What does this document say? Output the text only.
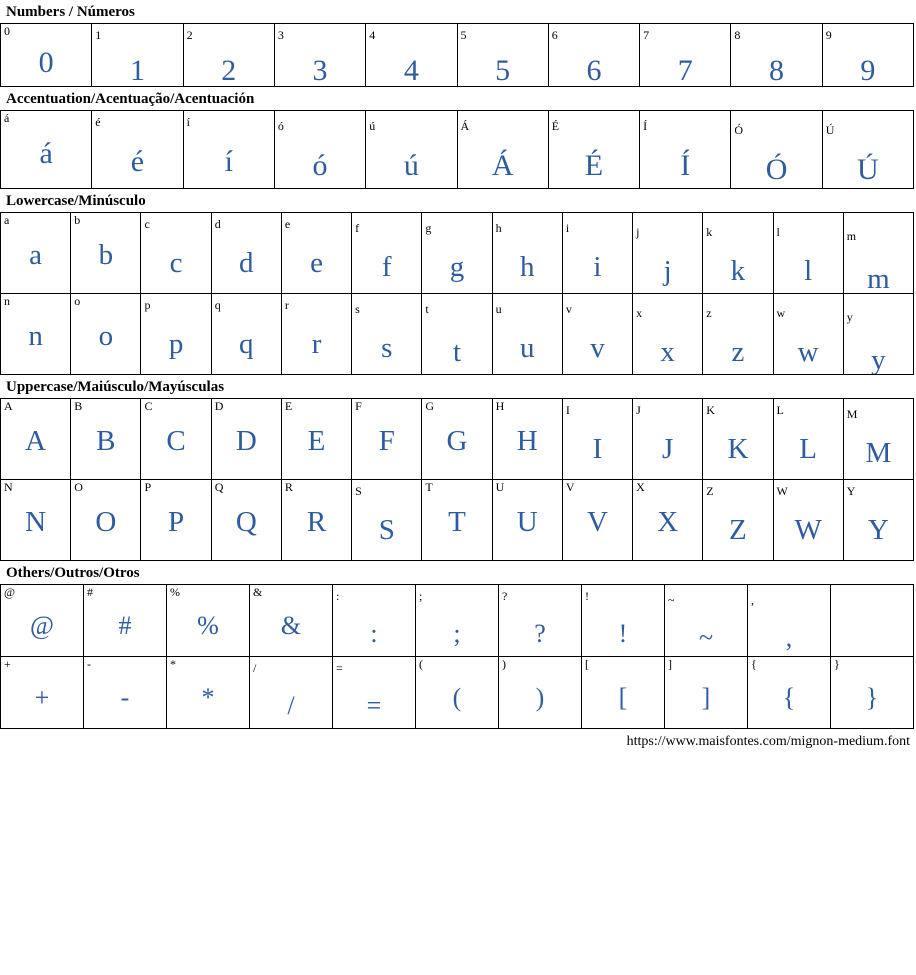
Numbers / Números
0
0
1
1
2
2
3
3
4
4
5
5
6
6
7
7
8
8
9
9
Accentuation/Acentuação/Acentuación
á
á
é
é
í
í
ó
ó
ú
ú
Á
Á
É
É
Í
Í
Ó
Ó
Ú
Ú
Lowercase/Minúsculo
a
a
b
b
c
c
d
d
e
e
f
f
g
g
h
h
i
i
j
j
k
k
l
l
m
m
n
n
o
o
p
p
q
q
r
r
s
s
t
t
u
u
v
v
x
x
z
z
w
w
y
y
Uppercase/Maiúsculo/Mayúsculas
A
A
B
B
C
C
D
D
E
E
F
F
G
G
H
H
I
I
J
J
K
K
L
L
M
M
N
N
O
O
P
P
Q
Q
R
R
S
S
T
T
U
U
V
V
X
X
Z
Z
W
W
Y
Y
Others/Outros/Otros
@
@
#
#
%
%
&
&
:
:
;
;
?
?
!
!
~
~
,
,
+
+
-
-
*
*
/
/
=
=
(
(
)
)
[
[
]
]
{
{
}
}
https://www.maisfontes.com/mignon-medium.font
